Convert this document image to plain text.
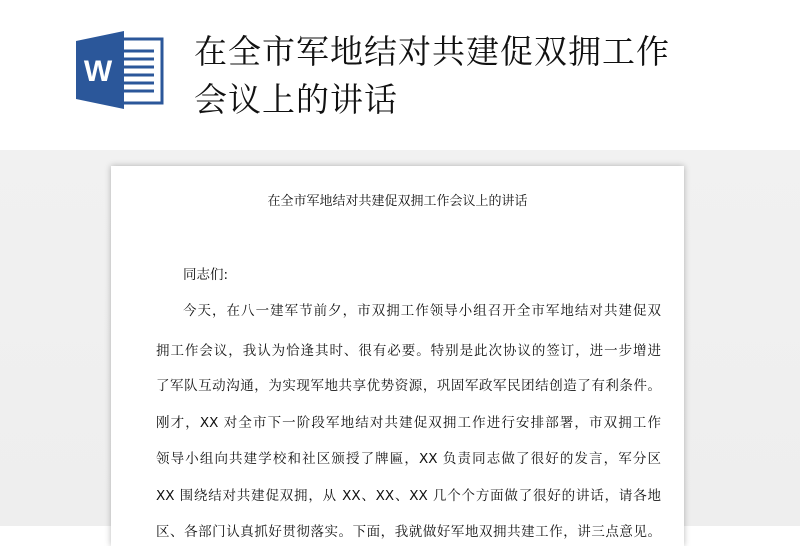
W
在全市军地结对共建促双拥工作
会议上的讲话
在全市军地结对共建促双拥工作会议上的讲话
同志们:
今天，在八一建军节前夕，市双拥工作领导小组召开全市军地结对共建促双
拥工作会议，我认为恰逢其时、很有必要。特别是此次协议的签订，进一步增进
了军队互动沟通，为实现军地共享优势资源，巩固军政军民团结创造了有利条件。
刚才，XX 对全市下一阶段军地结对共建促双拥工作进行安排部署，市双拥工作
领导小组向共建学校和社区颁授了牌匾，XX 负责同志做了很好的发言，军分区
XX 围绕结对共建促双拥，从 XX、XX、XX 几个个方面做了很好的讲话，请各地
区、各部门认真抓好贯彻落实。下面，我就做好军地双拥共建工作，讲三点意见。
